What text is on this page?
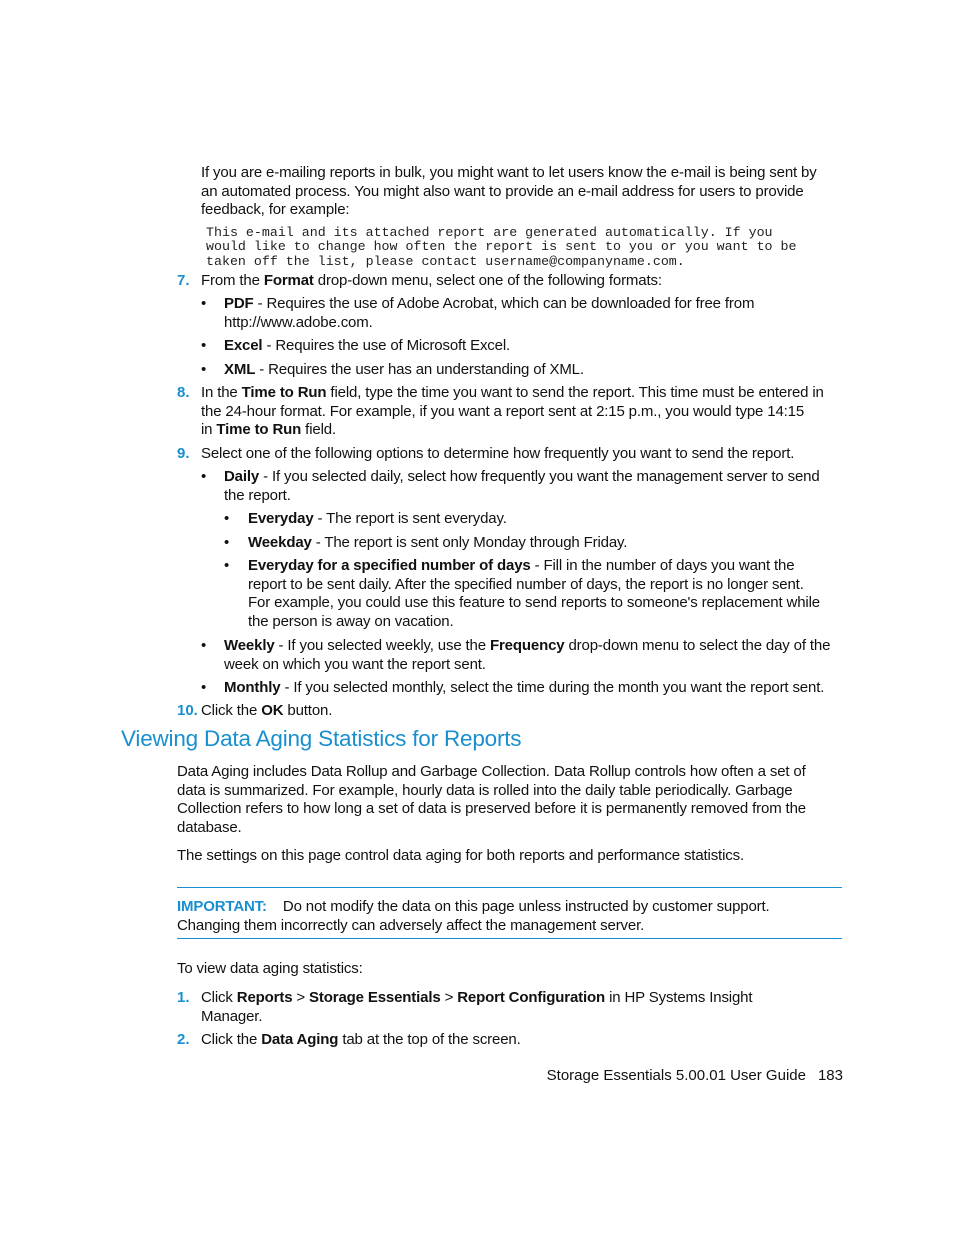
If you are e-mailing reports in bulk, you might want to let users know the e-mail is being sent by
an automated process. You might also want to provide an e-mail address for users to provide
feedback, for example:
This e-mail and its attached report are generated automatically. If you
would like to change how often the report is sent to you or you want to be
taken off the list, please contact username@companyname.com.
7. From the Format drop-down menu, select one of the following formats:
• PDF - Requires the use of Adobe Acrobat, which can be downloaded for free from
http://www.adobe.com.
• Excel - Requires the use of Microsoft Excel.
• XML - Requires the user has an understanding of XML.
8. In the Time to Run field, type the time you want to send the report. This time must be entered in
the 24-hour format. For example, if you want a report sent at 2:15 p.m., you would type 14:15
in Time to Run field.
9. Select one of the following options to determine how frequently you want to send the report.
• Daily - If you selected daily, select how frequently you want the management server to send
the report.
• Everyday - The report is sent everyday.
• Weekday - The report is sent only Monday through Friday.
• Everyday for a specified number of days - Fill in the number of days you want the
report to be sent daily. After the specified number of days, the report is no longer sent.
For example, you could use this feature to send reports to someone's replacement while
the person is away on vacation.
• Weekly - If you selected weekly, use the Frequency drop-down menu to select the day of the
week on which you want the report sent.
• Monthly - If you selected monthly, select the time during the month you want the report sent.
10. Click the OK button.
Viewing Data Aging Statistics for Reports
Data Aging includes Data Rollup and Garbage Collection. Data Rollup controls how often a set of
data is summarized. For example, hourly data is rolled into the daily table periodically. Garbage
Collection refers to how long a set of data is preserved before it is permanently removed from the
database.
The settings on this page control data aging for both reports and performance statistics.
IMPORTANT: Do not modify the data on this page unless instructed by customer support.
Changing them incorrectly can adversely affect the management server.
To view data aging statistics:
1. Click Reports > Storage Essentials > Report Configuration in HP Systems Insight
Manager.
2. Click the Data Aging tab at the top of the screen.
Storage Essentials 5.00.01 User Guide 183
